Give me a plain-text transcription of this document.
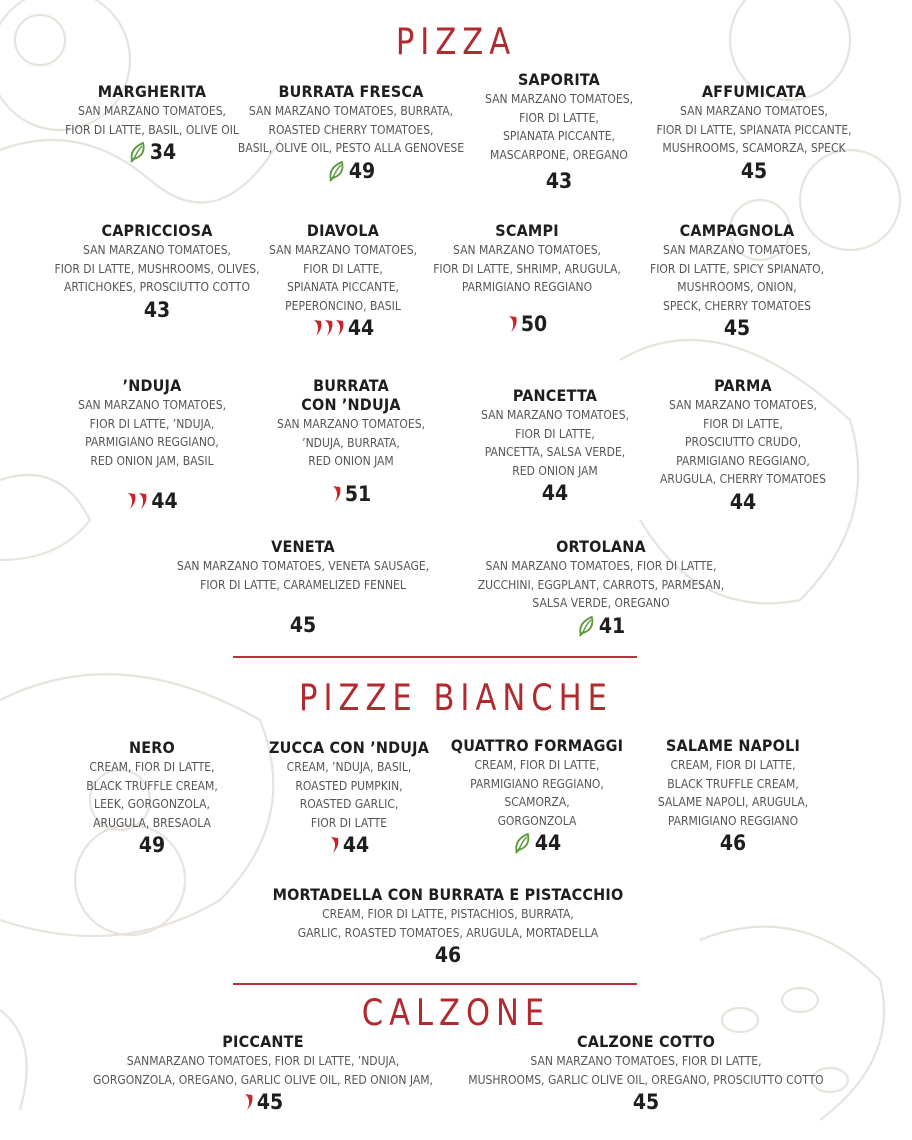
PIZZA
PIZZE BIANCHE
CALZONE
MARGHERITA
SAN MARZANO TOMATOES,
FIOR DI LATTE, BASIL, OLIVE OIL
34
BURRATA FRESCA
SAN MARZANO TOMATOES, BURRATA,
ROASTED CHERRY TOMATOES,
BASIL, OLIVE OIL, PESTO ALLA GENOVESE
49
SAPORITA
SAN MARZANO TOMATOES,
FIOR DI LATTE,
SPIANATA PICCANTE,
MASCARPONE, OREGANO
43
AFFUMICATA
SAN MARZANO TOMATOES,
FIOR DI LATTE, SPIANATA PICCANTE,
MUSHROOMS, SCAMORZA, SPECK
45
CAPRICCIOSA
SAN MARZANO TOMATOES,
FIOR DI LATTE, MUSHROOMS, OLIVES,
ARTICHOKES, PROSCIUTTO COTTO
43
DIAVOLA
SAN MARZANO TOMATOES,
FIOR DI LATTE,
SPIANATA PICCANTE,
PEPERONCINO, BASIL
44
SCAMPI
SAN MARZANO TOMATOES,
FIOR DI LATTE, SHRIMP, ARUGULA,
PARMIGIANO REGGIANO
50
CAMPAGNOLA
SAN MARZANO TOMATOES,
FIOR DI LATTE, SPICY SPIANATO,
MUSHROOMS, ONION,
SPECK, CHERRY TOMATOES
45
’NDUJA
SAN MARZANO TOMATOES,
FIOR DI LATTE, ’NDUJA,
PARMIGIANO REGGIANO,
RED ONION JAM, BASIL
44
BURRATA
CON ’NDUJA
SAN MARZANO TOMATOES,
’NDUJA, BURRATA,
RED ONION JAM
51
PANCETTA
SAN MARZANO TOMATOES,
FIOR DI LATTE,
PANCETTA, SALSA VERDE,
RED ONION JAM
44
PARMA
SAN MARZANO TOMATOES,
FIOR DI LATTE,
PROSCIUTTO CRUDO,
PARMIGIANO REGGIANO,
ARUGULA, CHERRY TOMATOES
44
VENETA
SAN MARZANO TOMATOES, VENETA SAUSAGE,
FIOR DI LATTE, CARAMELIZED FENNEL
45
ORTOLANA
SAN MARZANO TOMATOES, FIOR DI LATTE,
ZUCCHINI, EGGPLANT, CARROTS, PARMESAN,
SALSA VERDE, OREGANO
41
NERO
CREAM, FIOR DI LATTE,
BLACK TRUFFLE CREAM,
LEEK, GORGONZOLA,
ARUGULA, BRESAOLA
49
ZUCCA CON ’NDUJA
CREAM, ’NDUJA, BASIL,
ROASTED PUMPKIN,
ROASTED GARLIC,
FIOR DI LATTE
44
QUATTRO FORMAGGI
CREAM, FIOR DI LATTE,
PARMIGIANO REGGIANO,
SCAMORZA,
GORGONZOLA
44
SALAME NAPOLI
CREAM, FIOR DI LATTE,
BLACK TRUFFLE CREAM,
SALAME NAPOLI, ARUGULA,
PARMIGIANO REGGIANO
46
MORTADELLA CON BURRATA E PISTACCHIO
CREAM, FIOR DI LATTE, PISTACHIOS, BURRATA,
GARLIC, ROASTED TOMATOES, ARUGULA, MORTADELLA
46
PICCANTE
SANMARZANO TOMATOES, FIOR DI LATTE, ’NDUJA,
GORGONZOLA, OREGANO, GARLIC OLIVE OIL, RED ONION JAM,
45
CALZONE COTTO
SAN MARZANO TOMATOES, FIOR DI LATTE,
MUSHROOMS, GARLIC OLIVE OIL, OREGANO, PROSCIUTTO COTTO
45
